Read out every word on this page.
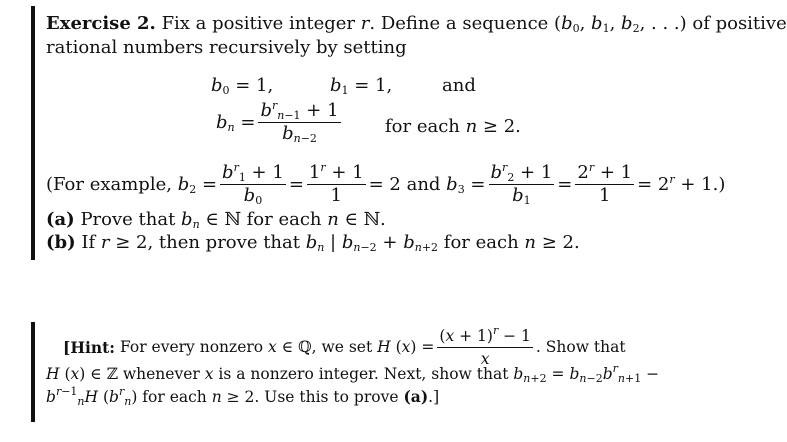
Exercise 2. Fix a positive integer r. Define a sequence ($b_0$, $b_1$, $b_2$, . . .) of positive
rational numbers recursively by setting
$b_0 = 1$,	$b_1 = 1$,	and
$b_n = \frac{b^r_{n-1} + 1}{b_{n-2}}$ for each n ≥ 2.
(For example,
$b_2 = \frac{b^r_1 + 1}{b_0} = \frac{1^r + 1}{1} = 2$ and
$b_3 = \frac{b^r_2 + 1}{b_1} = \frac{2^r + 1}{1} = 2^r + 1$.)
(a) Prove that $b_n$ ∈ ℕ for each n ∈ ℕ.
(b) If r ≥ 2, then prove that $b_n$ | $b_{n-2} + b_{n+2}$ for each n ≥ 2.
[Hint:
For every nonzero x ∈ ℚ, we set H $(x) = \frac{(x + 1)^r - 1}{x}$ . Show that
H (x) ∈ ℤ whenever x is a nonzero integer. Next, show that $b_{n+2} = b_{n-2}b^r_{n+1}$ −
$b^{r-1}_nH$ $(b^r_n)$ for each n ≥ 2. Use this to prove (a).]
